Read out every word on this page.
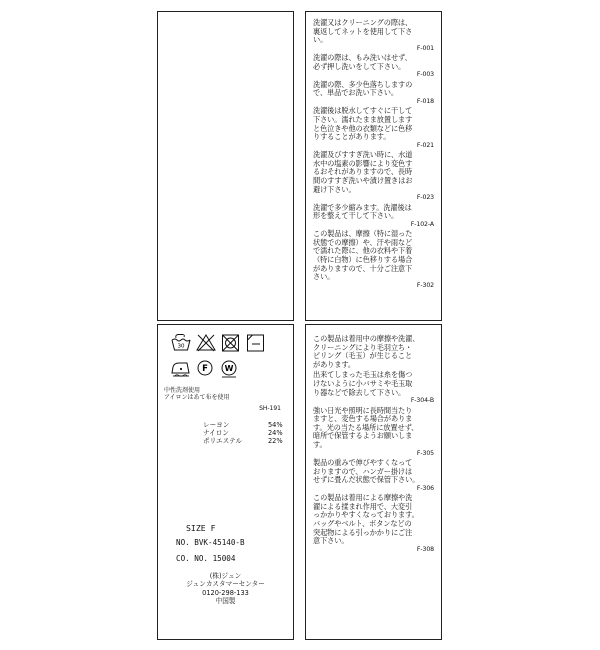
洗濯又はクリーニングの際は、
裏返してネットを使用して下さ
い。
F-001
洗濯の際は、もみ洗いはせず、
必ず押し洗いをして下さい。
F-003
洗濯の際、多少色落ちしますの
で、単品でお洗い下さい。
F-018
洗濯後は脱水してすぐに干して
下さい。濡れたまま放置します
と色泣きや他の衣類などに色移
りすることがあります。
F-021
洗濯及びすすぎ洗い時に、水道
水中の塩素の影響により変色す
るおそれがありますので、長時
間のすすぎ洗いや漬け置きはお
避け下さい。
F-023
洗濯で多少縮みます。洗濯後は
形を整えて干して下さい。
F-102-A
この製品は、摩擦（特に湿った
状態での摩擦）や、汗や雨など
で濡れた際に、他の衣料や下着
（特に白物）に色移りする場合
がありますので、十分ご注意下
さい。
F-302
30
F W
中性洗剤使用
アイロンはあて布を使用
SH-191
レーヨン	54%
ナイロン	24%
ポリエステル	22%
SIZE F
NO. BVK-45140-B
CO. NO. 15004
(株)ジュン
ジュンカスタマーセンター
0120-298-133
中国製
この製品は着用中の摩擦や洗濯、
クリーニングにより毛羽立ち・
ピリング（毛玉）が生じること
があります。
出来てしまった毛玉は糸を傷つ
けないように小バサミや毛玉取
り器などで除去して下さい。
F-304-B
強い日光や照明に長時間当たり
ますと、変色する場合がありま
す。光の当たる場所に放置せず、
暗所で保管するようお願いしま
す。
F-305
製品の重みで伸びやすくなって
おりますので、ハンガー掛けは
せずに畳んだ状態で保管下さい。
F-306
この製品は着用による摩擦や洗
濯による揉まれ作用で、大変引
っかかりやすくなっております。
バッグやベルト、ボタンなどの
突起物による引っかかりにご注
意下さい。
F-308
